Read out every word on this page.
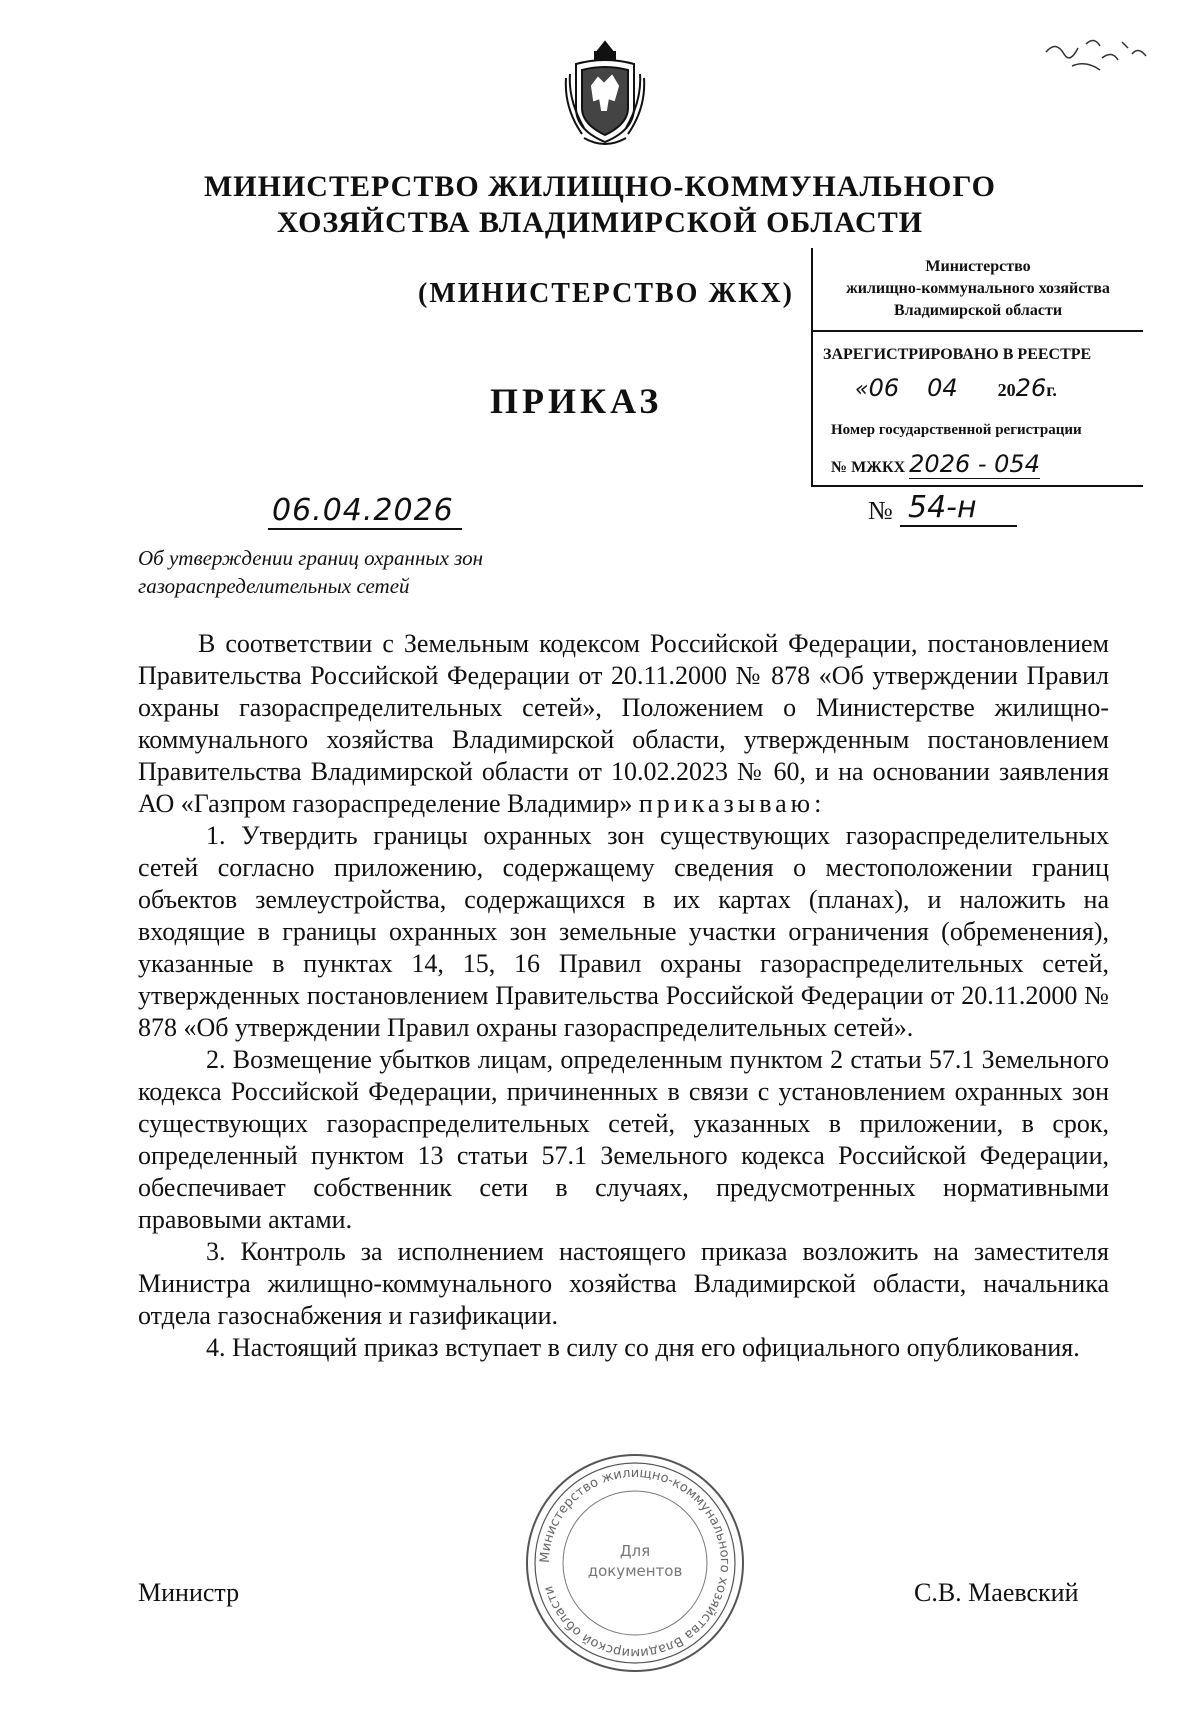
МИНИСТЕРСТВО ЖИЛИЩНО-КОММУНАЛЬНОГО
ХОЗЯЙСТВА ВЛАДИМИРСКОЙ ОБЛАСТИ
(МИНИСТЕРСТВО ЖКХ)
ПРИКАЗ
Министерство
жилищно-коммунального хозяйства
Владимирской области
ЗАРЕГИСТРИРОВАНО В РЕЕСТРЕ
«06 04 2026г.
Номер государственной регистрации
№ МЖКХ 2026 - 054
06.04.2026	№ 54-н
Об утверждении границ охранных зон
газораспределительных сетей

В соответствии с Земельным кодексом Российской Федерации, постановлением Правительства Российской Федерации от 20.11.2000 № 878 «Об утверждении Правил охраны газораспределительных сетей», Положением о Министерстве жилищно-коммунального хозяйства Владимирской области, утвержденным постановлением Правительства Владимирской области от 10.02.2023 № 60, и на основании заявления АО «Газпром газораспределение Владимир» приказываю:

1. Утвердить границы охранных зон существующих газораспределительных сетей согласно приложению, содержащему сведения о местоположении границ объектов землеустройства, содержащихся в их картах (планах), и наложить на входящие в границы охранных зон земельные участки ограничения (обременения), указанные в пунктах 14, 15, 16 Правил охраны газораспределительных сетей, утвержденных постановлением Правительства Российской Федерации от 20.11.2000 № 878 «Об утверждении Правил охраны газораспределительных сетей».

2. Возмещение убытков лицам, определенным пунктом 2 статьи 57.1 Земельного кодекса Российской Федерации, причиненных в связи с установлением охранных зон существующих газораспределительных сетей, указанных в приложении, в срок, определенный пунктом 13 статьи 57.1 Земельного кодекса Российской Федерации, обеспечивает собственник сети в случаях, предусмотренных нормативными правовыми актами.

3. Контроль за исполнением настоящего приказа возложить на заместителя Министра жилищно-коммунального хозяйства Владимирской области, начальника отдела газоснабжения и газификации.

4. Настоящий приказ вступает в силу со дня его официального опубликования.

Министр	С.В. Маевский
Министерство жилищно-коммунального хозяйства Владимирской области
Для
документов
